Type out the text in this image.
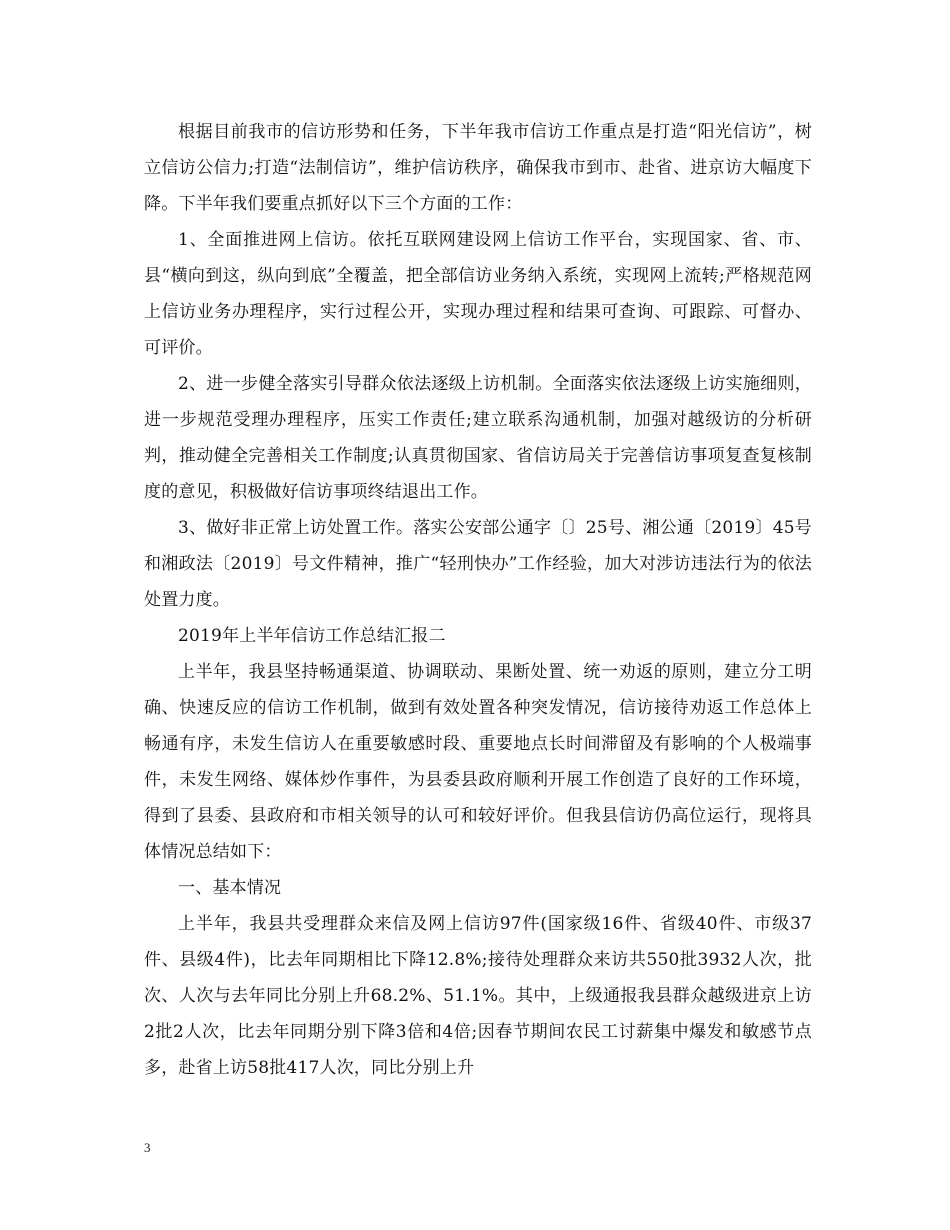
根据目前我市的信访形势和任务，下半年我市信访工作重点是打造“阳光信访”，树立信访公信力;打造“法制信访”，维护信访秩序，确保我市到市、赴省、进京访大幅度下降。下半年我们要重点抓好以下三个方面的工作：

1、全面推进网上信访。依托互联网建设网上信访工作平台，实现国家、省、市、县“横向到这，纵向到底”全覆盖，把全部信访业务纳入系统，实现网上流转;严格规范网上信访业务办理程序，实行过程公开，实现办理过程和结果可查询、可跟踪、可督办、可评价。

2、进一步健全落实引导群众依法逐级上访机制。全面落实依法逐级上访实施细则，进一步规范受理办理程序，压实工作责任;建立联系沟通机制，加强对越级访的分析研判，推动健全完善相关工作制度;认真贯彻国家、省信访局关于完善信访事项复查复核制度的意见，积极做好信访事项终结退出工作。

3、做好非正常上访处置工作。落实公安部公通字〔〕25号、湘公通〔2019〕45号和湘政法〔2019〕号文件精神，推广“轻刑快办”工作经验，加大对涉访违法行为的依法处置力度。

2019年上半年信访工作总结汇报二

上半年，我县坚持畅通渠道、协调联动、果断处置、统一劝返的原则，建立分工明确、快速反应的信访工作机制，做到有效处置各种突发情况，信访接待劝返工作总体上畅通有序，未发生信访人在重要敏感时段、重要地点长时间滞留及有影响的个人极端事件，未发生网络、媒体炒作事件，为县委县政府顺利开展工作创造了良好的工作环境，得到了县委、县政府和市相关领导的认可和较好评价。但我县信访仍高位运行，现将具体情况总结如下：

一、基本情况

上半年，我县共受理群众来信及网上信访97件(国家级16件、省级40件、市级37件、县级4件)，比去年同期相比下降12.8%;接待处理群众来访共550批3932人次，批次、人次与去年同比分别上升68.2%、51.1%。其中，上级通报我县群众越级进京上访2批2人次，比去年同期分别下降3倍和4倍;因春节期间农民工讨薪集中爆发和敏感节点多，赴省上访58批417人次，同比分别上升

3
